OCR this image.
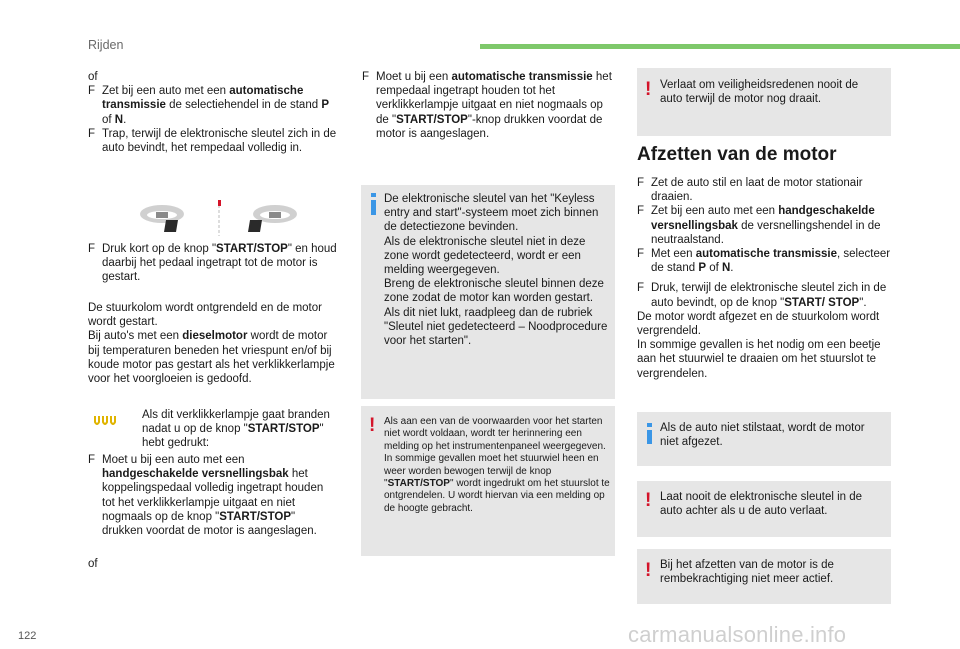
Rijden
of
F Zet bij een auto met een automatische transmissie de selectiehendel in de stand P of N.
F Trap, terwijl de elektronische sleutel zich in de auto bevindt, het rempedaal volledig in.
F Druk kort op de knop "START/STOP" en houd daarbij het pedaal ingetrapt tot de motor is gestart.
De stuurkolom wordt ontgrendeld en de motor wordt gestart.
Bij auto's met een dieselmotor wordt de motor bij temperaturen beneden het vriespunt en/of bij koude motor pas gestart als het verklikkerlampje voor het voorgloeien is gedoofd.
Als dit verklikkerlampje gaat branden nadat u op de knop "START/STOP" hebt gedrukt:
F Moet u bij een auto met een handgeschakelde versnellingsbak het koppelingspedaal volledig ingetrapt houden tot het verklikkerlampje uitgaat en niet nogmaals op de knop "START/STOP" drukken voordat de motor is aangeslagen.
of
F Moet u bij een automatische transmissie het rempedaal ingetrapt houden tot het verklikkerlampje uitgaat en niet nogmaals op de "START/STOP"-knop drukken voordat de motor is aangeslagen.
De elektronische sleutel van het "Keyless entry and start"-systeem moet zich binnen de detectiezone bevinden.
Als de elektronische sleutel niet in deze zone wordt gedetecteerd, wordt er een melding weergegeven.
Breng de elektronische sleutel binnen deze zone zodat de motor kan worden gestart.
Als dit niet lukt, raadpleeg dan de rubriek "Sleutel niet gedetecteerd – Noodprocedure voor het starten".
! Als aan een van de voorwaarden voor het starten niet wordt voldaan, wordt ter herinnering een melding op het instrumentenpaneel weergegeven.
In sommige gevallen moet het stuurwiel heen en weer worden bewogen terwijl de knop "START/STOP" wordt ingedrukt om het stuurslot te ontgrendelen. U wordt hiervan via een melding op de hoogte gebracht.
! Verlaat om veiligheidsredenen nooit de auto terwijl de motor nog draait.
Afzetten van de motor
F Zet de auto stil en laat de motor stationair draaien.
F Zet bij een auto met een handgeschakelde versnellingsbak de versnellingshendel in de neutraalstand.
F Met een automatische transmissie, selecteer de stand P of N.
F Druk, terwijl de elektronische sleutel zich in de auto bevindt, op de knop "START/ STOP".
De motor wordt afgezet en de stuurkolom wordt vergrendeld.
In sommige gevallen is het nodig om een beetje aan het stuurwiel te draaien om het stuurslot te vergrendelen.
Als de auto niet stilstaat, wordt de motor niet afgezet.
! Laat nooit de elektronische sleutel in de auto achter als u de auto verlaat.
! Bij het afzetten van de motor is de rembekrachtiging niet meer actief.
122	carmanualsonline.info
